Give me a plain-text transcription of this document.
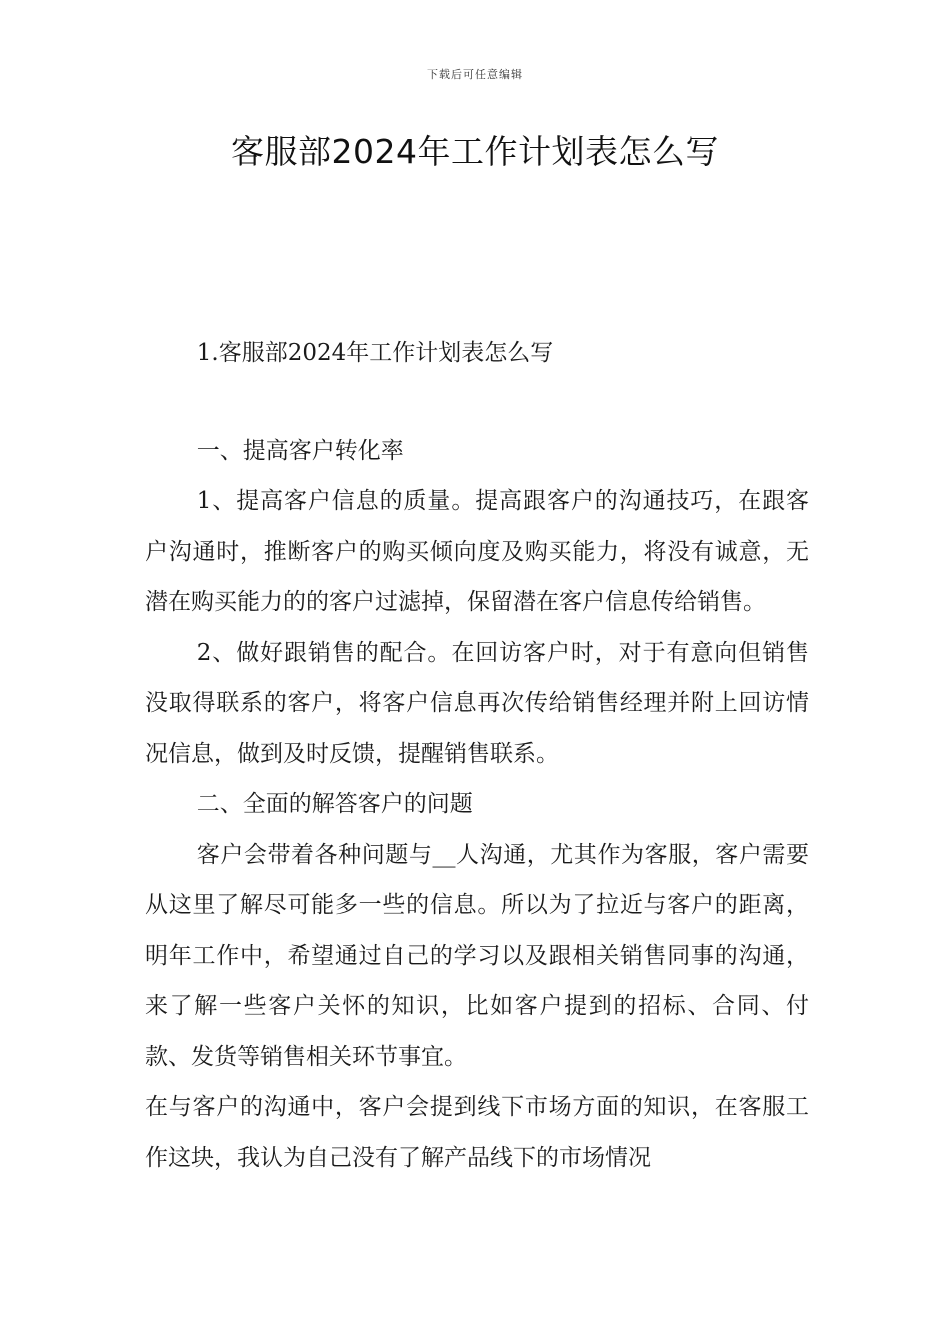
下载后可任意编辑
客服部2024年工作计划表怎么写

1.客服部2024年工作计划表怎么写

一、提高客户转化率

1、提高客户信息的质量。提高跟客户的沟通技巧，在跟客户沟通时，推断客户的购买倾向度及购买能力，将没有诚意，无潜在购买能力的的客户过滤掉，保留潜在客户信息传给销售。

2、做好跟销售的配合。在回访客户时，对于有意向但销售没取得联系的客户，将客户信息再次传给销售经理并附上回访情况信息，做到及时反馈，提醒销售联系。

二、全面的解答客户的问题

客户会带着各种问题与__人沟通，尤其作为客服，客户需要从这里了解尽可能多一些的信息。所以为了拉近与客户的距离，明年工作中，希望通过自己的学习以及跟相关销售同事的沟通，来了解一些客户关怀的知识，比如客户提到的招标、合同、付款、发货等销售相关环节事宜。

在与客户的沟通中，客户会提到线下市场方面的知识，在客服工作这块，我认为自己没有了解产品线下的市场情况
